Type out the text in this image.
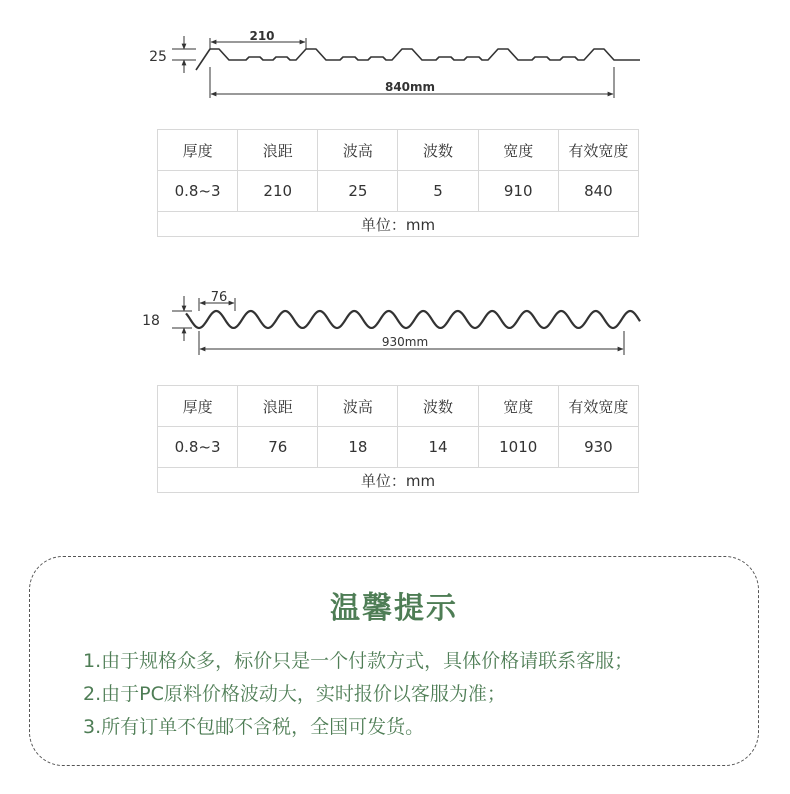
210
25
840mm
厚度	浪距	波高	波数	宽度	有效宽度
0.8~3	210	25	5	910	840
单位：mm					
76
18
930mm
厚度	浪距	波高	波数	宽度	有效宽度
0.8~3	76	18	14	1010	930
单位：mm					
温馨提示
1.由于规格众多，标价只是一个付款方式，具体价格请联系客服；
2.由于PC原料价格波动大，实时报价以客服为准；
3.所有订单不包邮不含税，全国可发货。
